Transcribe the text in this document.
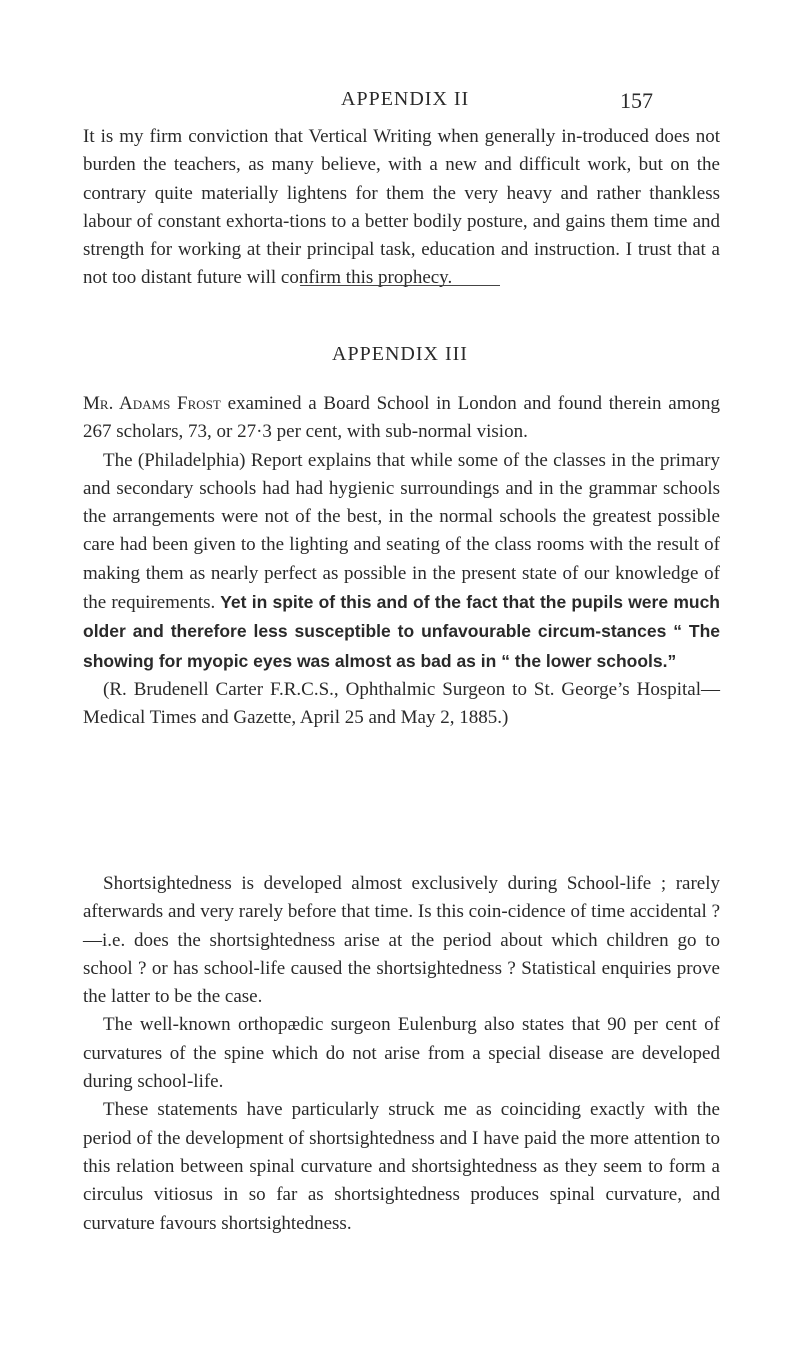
APPENDIX II	157

It is my firm conviction that Vertical Writing when generally in-troduced does not burden the teachers, as many believe, with a new and difficult work, but on the contrary quite materially lightens for them the very heavy and rather thankless labour of constant exhorta-tions to a better bodily posture, and gains them time and strength for working at their principal task, education and instruction. I trust that a not too distant future will confirm this prophecy.

APPENDIX III

Mr. Adams Frost examined a Board School in London and found therein among 267 scholars, 73, or 27·3 per cent, with sub-normal vision.

The (Philadelphia) Report explains that while some of the classes in the primary and secondary schools had had hygienic surroundings and in the grammar schools the arrangements were not of the best, in the normal schools the greatest possible care had been given to the lighting and seating of the class rooms with the result of making them as nearly perfect as possible in the present state of our knowledge of the requirements. Yet in spite of this and of the fact that the pupils were much older and therefore less susceptible to unfavourable circum-stances “ The showing for myopic eyes was almost as bad as in “ the lower schools.”

(R. Brudenell Carter F.R.C.S., Ophthalmic Surgeon to St. George’s Hospital—Medical Times and Gazette, April 25 and May 2, 1885.)

Shortsightedness is developed almost exclusively during School-life ; rarely afterwards and very rarely before that time. Is this coin-cidence of time accidental ?—i.e. does the shortsightedness arise at the period about which children go to school ? or has school-life caused the shortsightedness ? Statistical enquiries prove the latter to be the case.

The well-known orthopædic surgeon Eulenburg also states that 90 per cent of curvatures of the spine which do not arise from a special disease are developed during school-life.

These statements have particularly struck me as coinciding exactly with the period of the development of shortsightedness and I have paid the more attention to this relation between spinal curvature and shortsightedness as they seem to form a circulus vitiosus in so far as shortsightedness produces spinal curvature, and curvature favours shortsightedness.
